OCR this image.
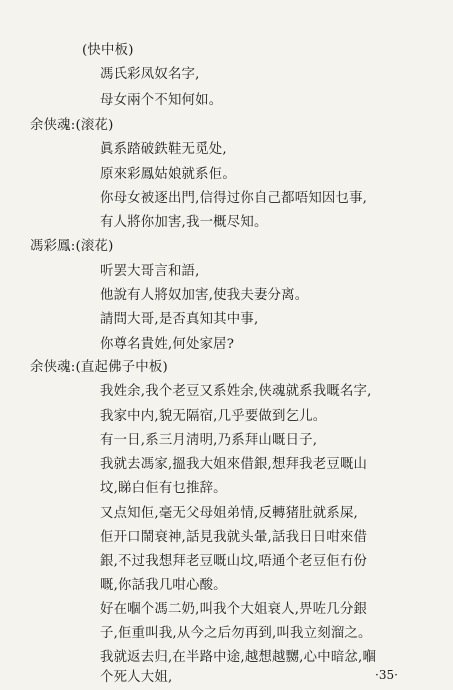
(快中板)
馮氏彩凤奴名字,
母女兩个不知何如。
余侠魂:(滚花)
眞系踏破鉄鞋无觅处,
原來彩鳳姑娘就系佢。
你母女被逐出門,信得过你自己都唔知因乜事,
有人將你加害,我一概尽知。
馮彩鳳:(滚花)
听罢大哥言和語,
他說有人將奴加害,使我夫妻分离。
請問大哥,是否真知其中事,
你尊名貴姓,何处家居?
余侠魂:(直起佛子中板)
我姓余,我个老豆又系姓余,侠魂就系我嘅名字,
我家中内,貌无隔宿,几乎要做到乞儿。
有一日,系三月淸明,乃系拜山嘅日子,
我就去馮家,搵我大姐來借銀,想拜我老豆嘅山
坟,睇白佢有乜推辞。
又点知佢,毫无父母姐弟情,反轉猪肚就系屎,
佢开口鬧衰神,話見我就头暈,話我日日咁來借
銀,不过我想拜老豆嘅山坟,唔通个老豆佢冇份
嘅,你話我几咁心酸。
好在嗰个馮二奶,叫我个大姐衰人,畀咗几分銀
子,佢重叫我,从今之后勿再到,叫我立刻溜之。
我就返去归,在半路中途,越想越嬲,心中暗忿,嗰
个死人大姐,	·35·
